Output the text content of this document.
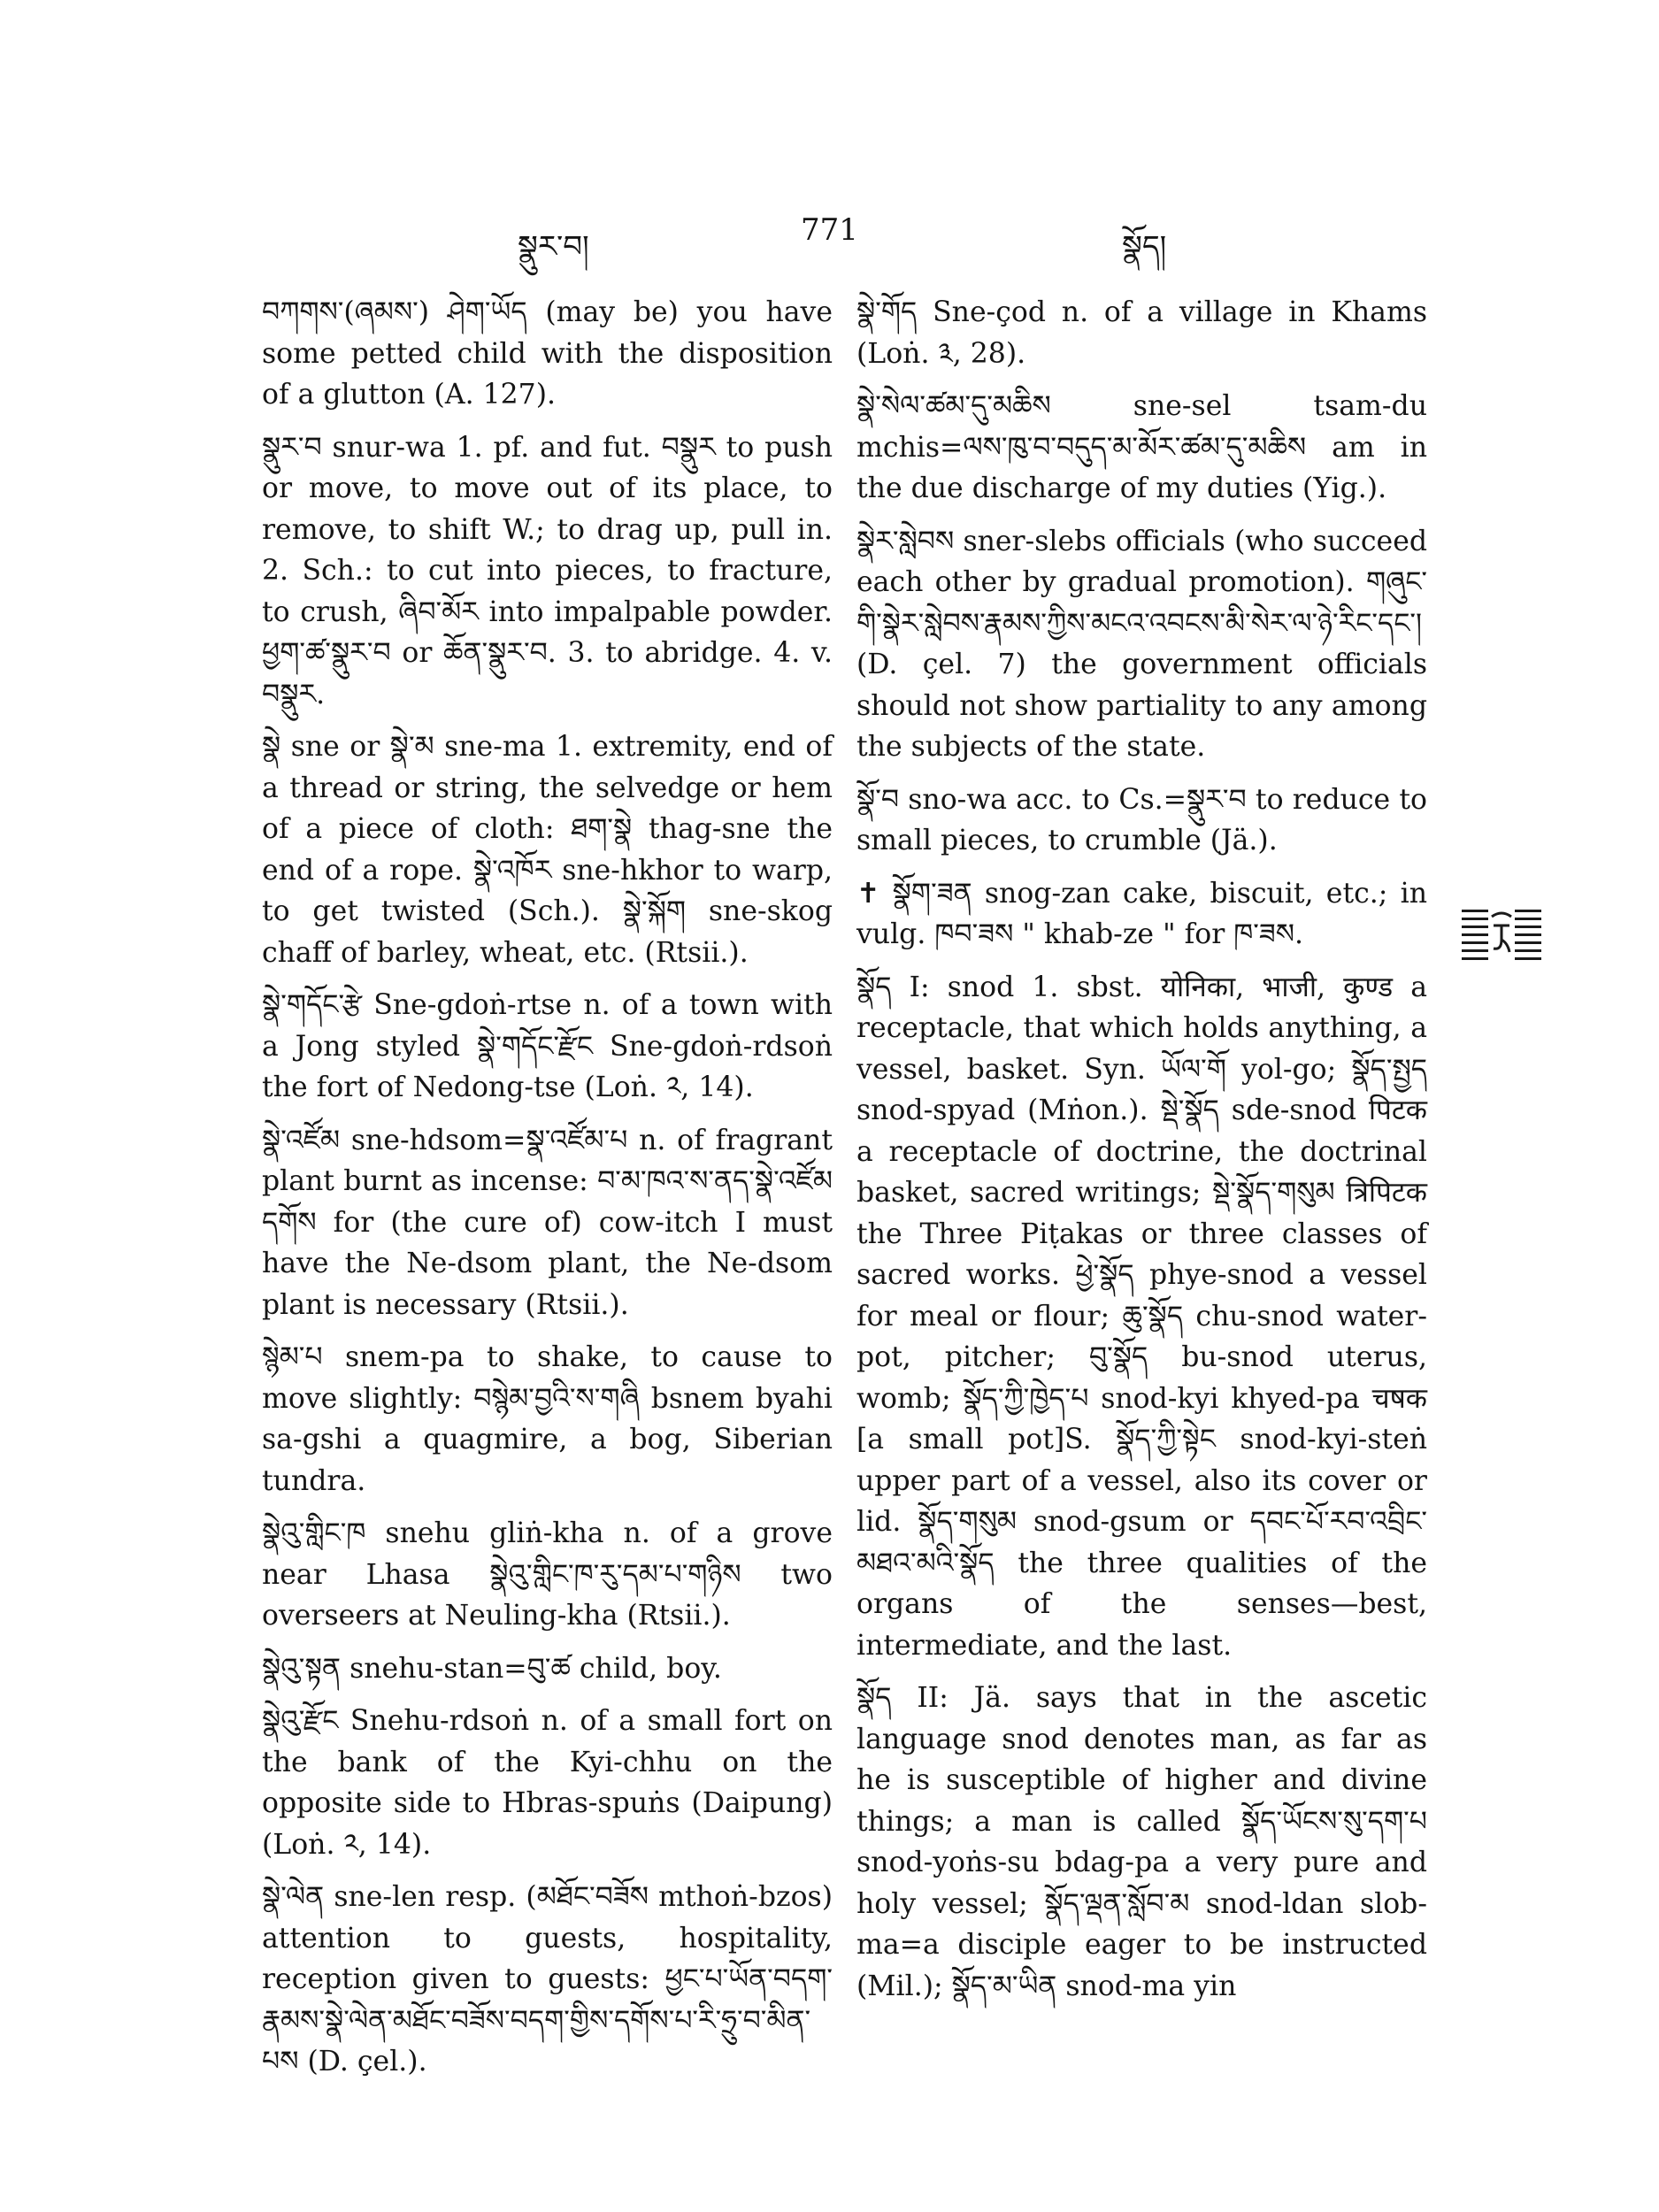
སྣུར་བ།	771	སྣོད།

བཀགས་(ཞམས་) ཤེག་ཡོད (may be) you have some petted child with the disposition of a glutton (A. 127).

སྣུར་བ snur-wa 1. pf. and fut. བསྣུར to push or move, to move out of its place, to remove, to shift W.; to drag up, pull in. 2. Sch.: to cut into pieces, to fracture, to crush, ཞིབ་མོར into impalpable powder. ཕྱག་ཚ་སྣུར་བ or ཆོན་སྣུར་བ. 3. to abridge. 4. v. བསྣུར.

སྣེ sne or སྣེ་མ sne-ma 1. extremity, end of a thread or string, the selvedge or hem of a piece of cloth: ཐག་སྣེ thag-sne the end of a rope. སྣེ་འཁོར sne-hkhor to warp, to get twisted (Sch.). སྣེ་སྐོག sne-skog chaff of barley, wheat, etc. (Rtsii.).

སྣེ་གདོང་རྩེ Sne-gdoṅ-rtse n. of a town with a Jong styled སྣེ་གདོང་རྫོང Sne-gdoṅ-rdsoṅ the fort of Nedong-tse (Loṅ. ༢, 14).

སྣེ་འཛོམ sne-hdsom=སྣ་འཛོམ་པ n. of fragrant plant burnt as incense: བ་མ་ཁའ་ས་ནད་སྣེ་འཛོམ དགོས for (the cure of) cow-itch I must have the Ne-dsom plant, the Ne-dsom plant is necessary (Rtsii.).

སྙེམ་པ snem-pa to shake, to cause to move slightly: བསྙེམ་བྱའི་ས་གཞི bsnem byahi sa-gshi a quagmire, a bog, Siberian tundra.

སྣེའུ་གླིང་ཁ snehu gliṅ-kha n. of a grove near Lhasa སྣེའུ་གླིང་ཁ་རུ་དམ་པ་གཉིས two overseers at Neuling-kha (Rtsii.).

སྣེའུ་སྟན snehu-stan=བུ་ཚ child, boy.

སྣེའུ་རྫོང Snehu-rdsoṅ n. of a small fort on the bank of the Kyi-chhu on the opposite side to Hbras-spuṅs (Daipung) (Loṅ. ༢, 14).

སྣེ་ལེན sne-len resp. (མཐོང་བཟོས mthoṅ-bzos) attention to guests, hospitality, reception given to guests: ཕྱང་པ་ཡོན་བདག་རྣམས་སྣེ་ལེན་མཐོང་བཟོས་བདག་གྱིས་དགོས་པ་རི་ཧྲུ་བ་མིན་པས (D. çel.).

སྣེ་གོད Sne-çod n. of a village in Khams (Loṅ. ༣, 28).

སྣེ་སེལ་ཚམ་དུ་མཆིས sne-sel tsam-du mchis=ལས་ཁུ་བ་བདུད་མ་མོར་ཚམ་དུ་མཆིས am in the due discharge of my duties (Yig.).

སྣེར་སླེབས sner-slebs officials (who succeed each other by gradual promotion). གཞུང་གི་སྣེར་སླེབས་རྣམས་ཀྱིས་མངའ་འབངས་མི་སེར་ལ་ཉེ་རིང་དང་། (D. çel. 7) the government officials should not show partiality to any among the subjects of the state.

སྣོ་བ sno-wa acc. to Cs.=སྣུར་བ to reduce to small pieces, to crumble (Jä.).

✝ སྣོག་ཟན snog-zan cake, biscuit, etc.; in vulg. ཁབ་ཟས " khab-ze " for ཁ་ཟས.

སྣོད I: snod 1. sbst. योनिका, भाजी, कुण्ड a receptacle, that which holds anything, a vessel, basket. Syn. ཡོལ་གོ yol-go; སྣོད་སྤྱད snod-spyad (Mṅon.). སྡེ་སྣོད sde-snod पिटक a receptacle of doctrine, the doctrinal basket, sacred writings; སྡེ་སྣོད་གསུམ त्रिपिटक the Three Piṭakas or three classes of sacred works. ཕྱེ་སྣོད phye-snod a vessel for meal or flour; ཆུ་སྣོད chu-snod water-pot, pitcher; བུ་སྣོད bu-snod uterus, womb; སྣོད་ཀྱི་ཁྱེད་པ snod-kyi khyed-pa चषक [a small pot]S. སྣོད་ཀྱི་སྟེང snod-kyi-steṅ upper part of a vessel, also its cover or lid. སྣོད་གསུམ snod-gsum or དབང་པོ་རབ་འབྲིང་མཐའ་མའི་སྣོད the three qualities of the organs of the senses—best, intermediate, and the last.

སྣོད II: Jä. says that in the ascetic language snod denotes man, as far as he is susceptible of higher and divine things; a man is called སྣོད་ཡོངས་སུ་དག་པ snod-yoṅs-su bdag-pa a very pure and holy vessel; སྣོད་ལྡན་སློབ་མ snod-ldan slob-ma=a disciple eager to be instructed (Mil.); སྣོད་མ་ཡིན snod-ma yin
